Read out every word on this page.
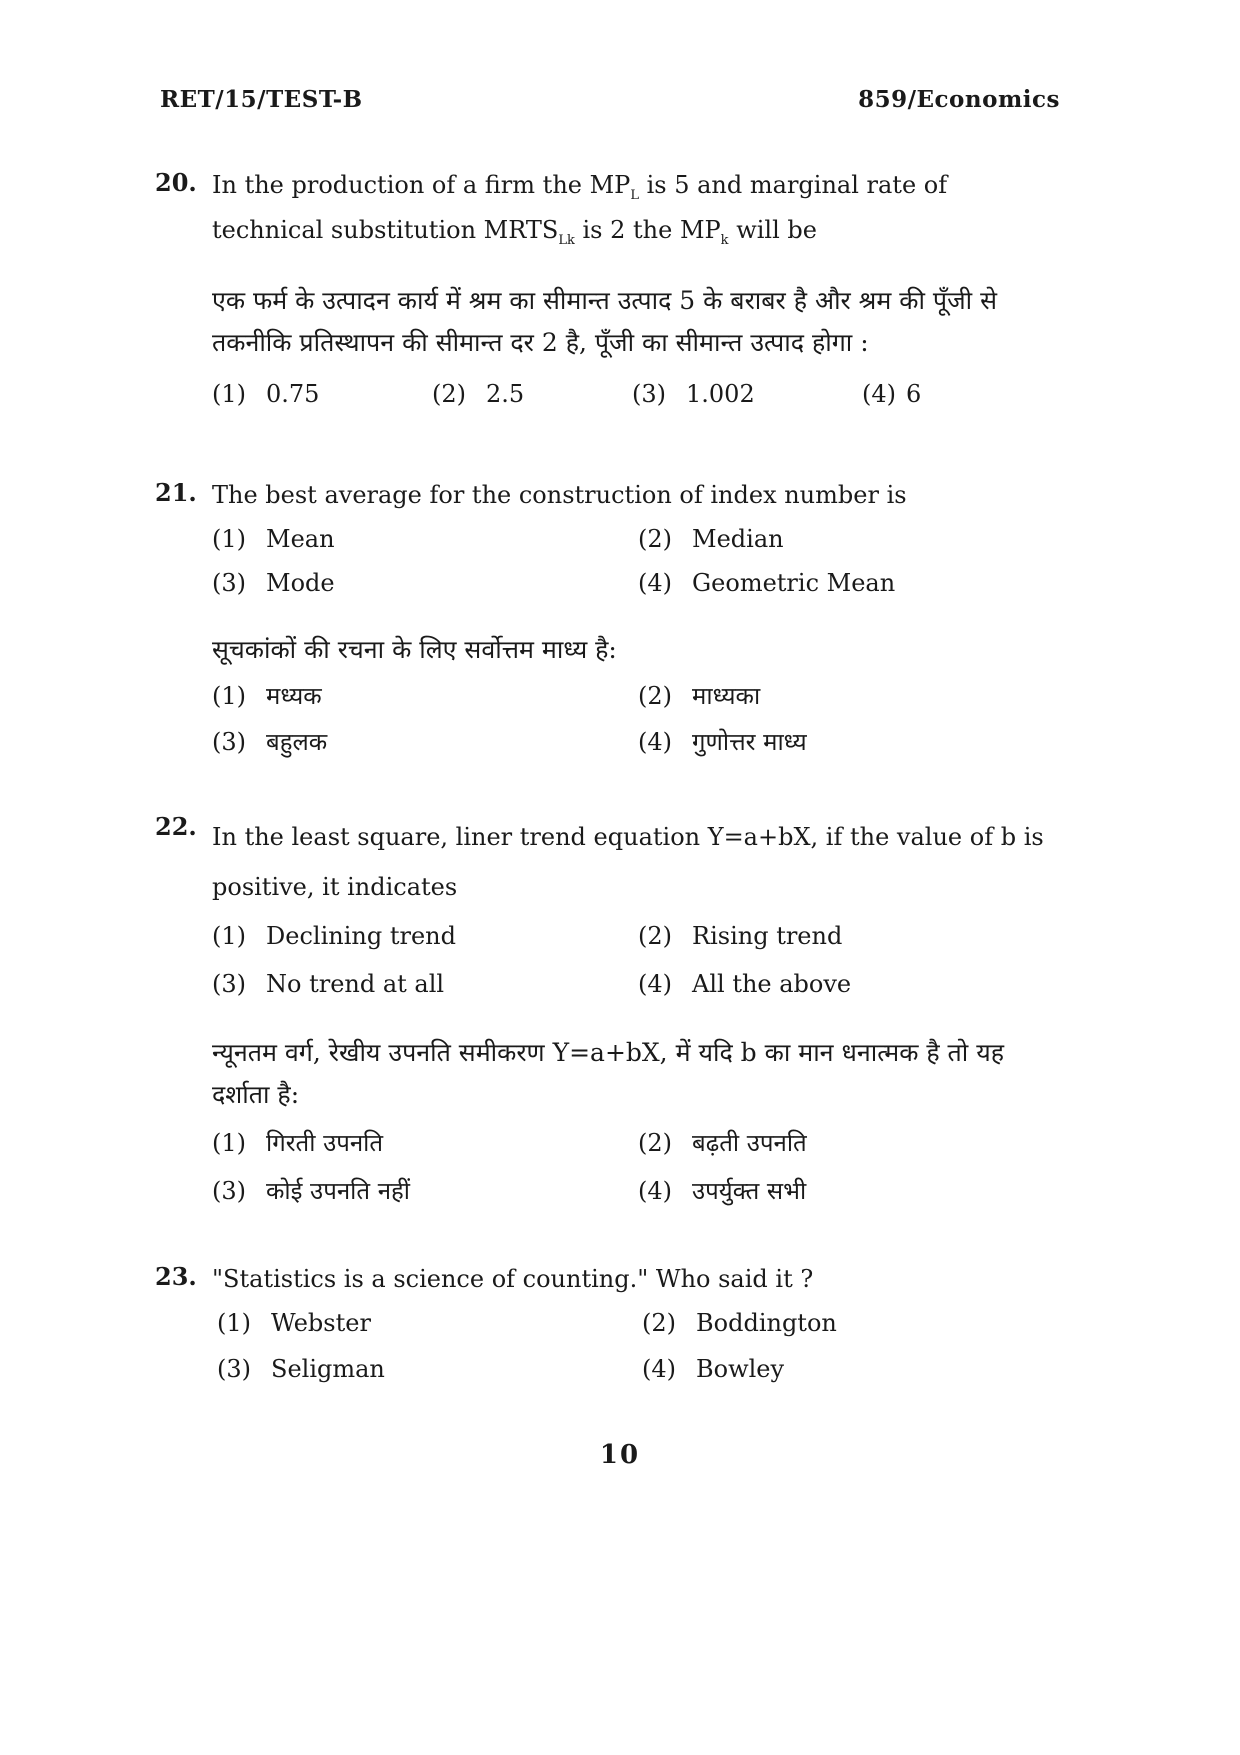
RET/15/TEST-B	859/Economics
20. In the production of a firm the $MP_L$ is 5 and marginal rate of technical substitution $MRTS_{Lk}$ is 2 the $MP_k$ will be
एक फर्म के उत्पादन कार्य में श्रम का सीमान्त उत्पाद 5 के बराबर है और श्रम की पूँजी से तकनीकि प्रतिस्थापन की सीमान्त दर 2 है, पूँजी का सीमान्त उत्पाद होगा :
(1) 0.75	(2) 2.5	(3) 1.002	(4) 6
21. The best average for the construction of index number is
(1) Mean	(2) Median
(3) Mode	(4) Geometric Mean
सूचकांकों की रचना के लिए सर्वोत्तम माध्य है:
(1) मध्यक	(2) माध्यका
(3) बहुलक	(4) गुणोत्तर माध्य
22. In the least square, liner trend equation Y=a+bX, if the value of b is positive, it indicates
(1) Declining trend	(2) Rising trend
(3) No trend at all	(4) All the above
न्यूनतम वर्ग, रेखीय उपनति समीकरण Y=a+bX, में यदि b का मान धनात्मक है तो यह दर्शाता है:
(1) गिरती उपनति	(2) बढ़ती उपनति
(3) कोई उपनति नहीं	(4) उपर्युक्त सभी
23. "Statistics is a science of counting." Who said it ?
(1) Webster	(2) Boddington
(3) Seligman	(4) Bowley
10
